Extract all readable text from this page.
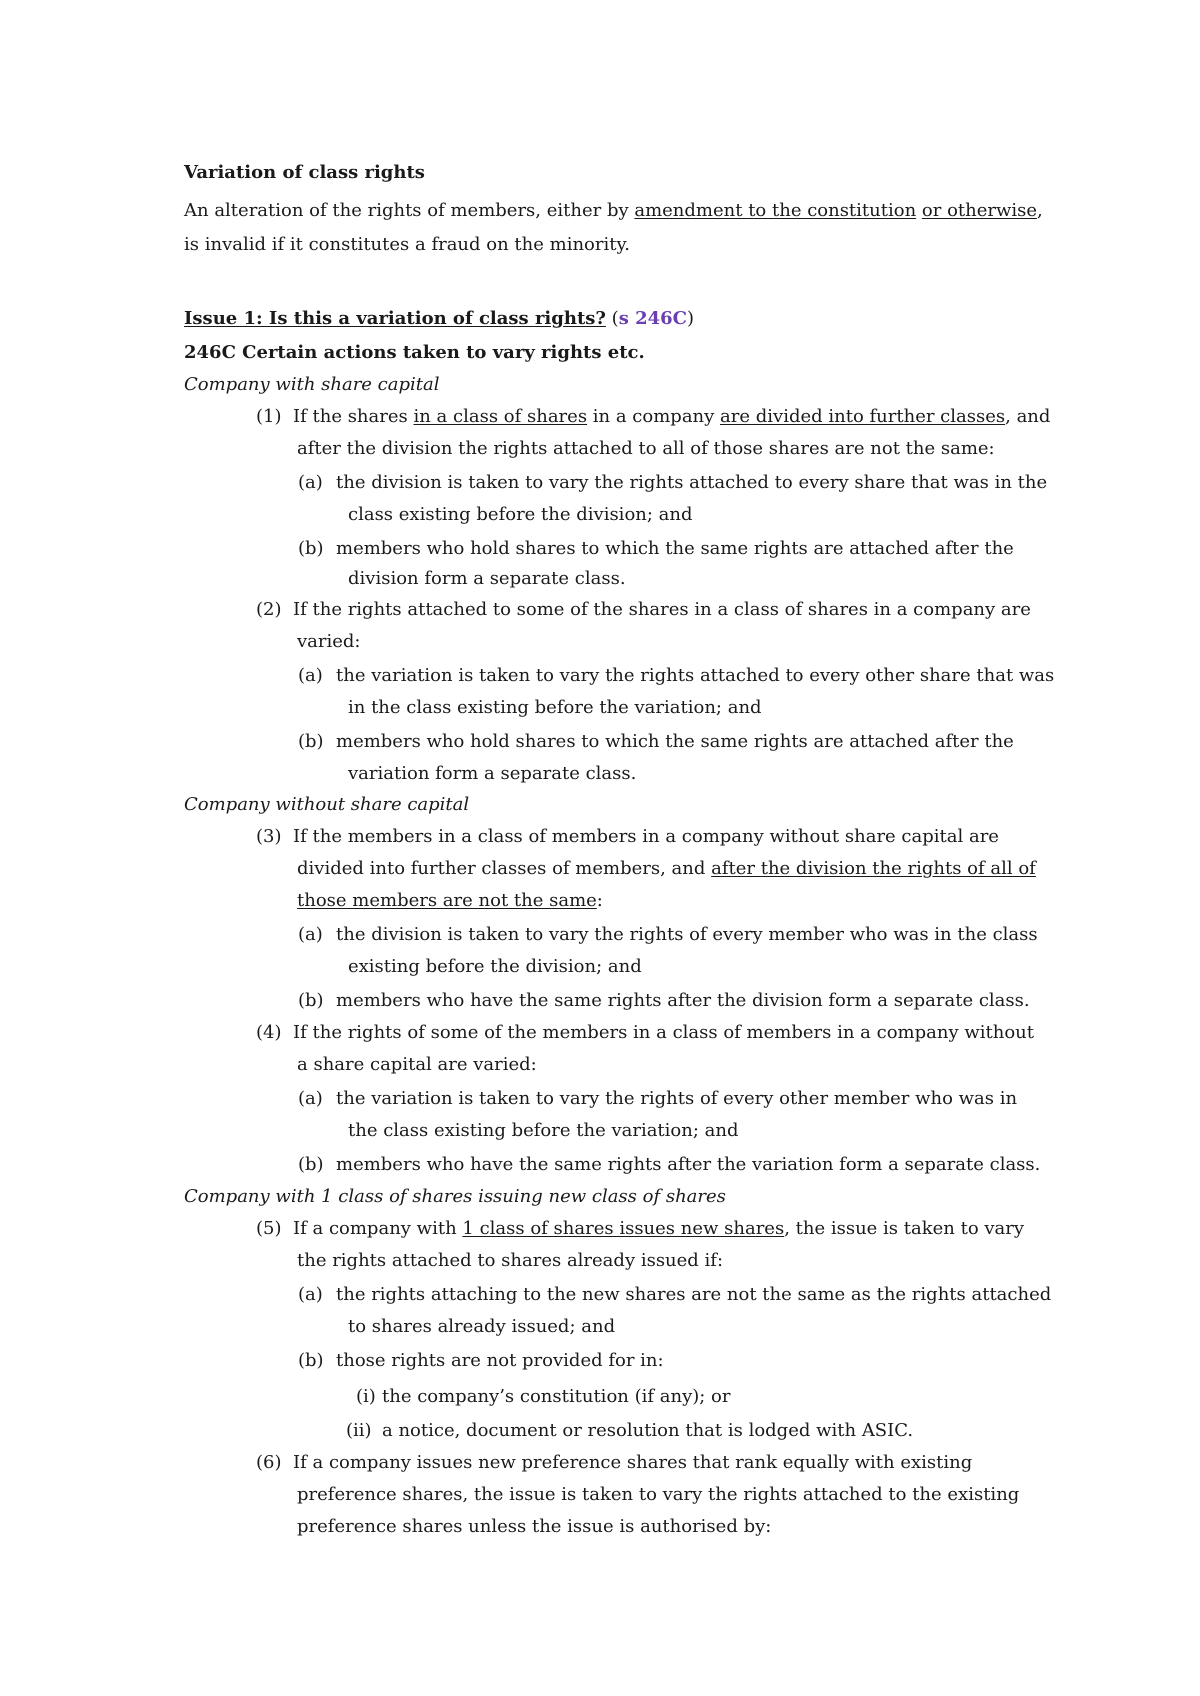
Variation of class rights
An alteration of the rights of members, either by amendment to the constitution or otherwise,
is invalid if it constitutes a fraud on the minority.
Issue 1: Is this a variation of class rights? (s 246C)
246C Certain actions taken to vary rights etc.
Company with share capital
(1) If the shares in a class of shares in a company are divided into further classes, and
after the division the rights attached to all of those shares are not the same:
(a) the division is taken to vary the rights attached to every share that was in the
class existing before the division; and
(b) members who hold shares to which the same rights are attached after the
division form a separate class.
(2) If the rights attached to some of the shares in a class of shares in a company are
varied:
(a) the variation is taken to vary the rights attached to every other share that was
in the class existing before the variation; and
(b) members who hold shares to which the same rights are attached after the
variation form a separate class.
Company without share capital
(3) If the members in a class of members in a company without share capital are
divided into further classes of members, and after the division the rights of all of
those members are not the same:
(a) the division is taken to vary the rights of every member who was in the class
existing before the division; and
(b) members who have the same rights after the division form a separate class.
(4) If the rights of some of the members in a class of members in a company without
a share capital are varied:
(a) the variation is taken to vary the rights of every other member who was in
the class existing before the variation; and
(b) members who have the same rights after the variation form a separate class.
Company with 1 class of shares issuing new class of shares
(5) If a company with 1 class of shares issues new shares, the issue is taken to vary
the rights attached to shares already issued if:
(a) the rights attaching to the new shares are not the same as the rights attached
to shares already issued; and
(b) those rights are not provided for in:
(i) the company’s constitution (if any); or
(ii) a notice, document or resolution that is lodged with ASIC.
(6) If a company issues new preference shares that rank equally with existing
preference shares, the issue is taken to vary the rights attached to the existing
preference shares unless the issue is authorised by:
